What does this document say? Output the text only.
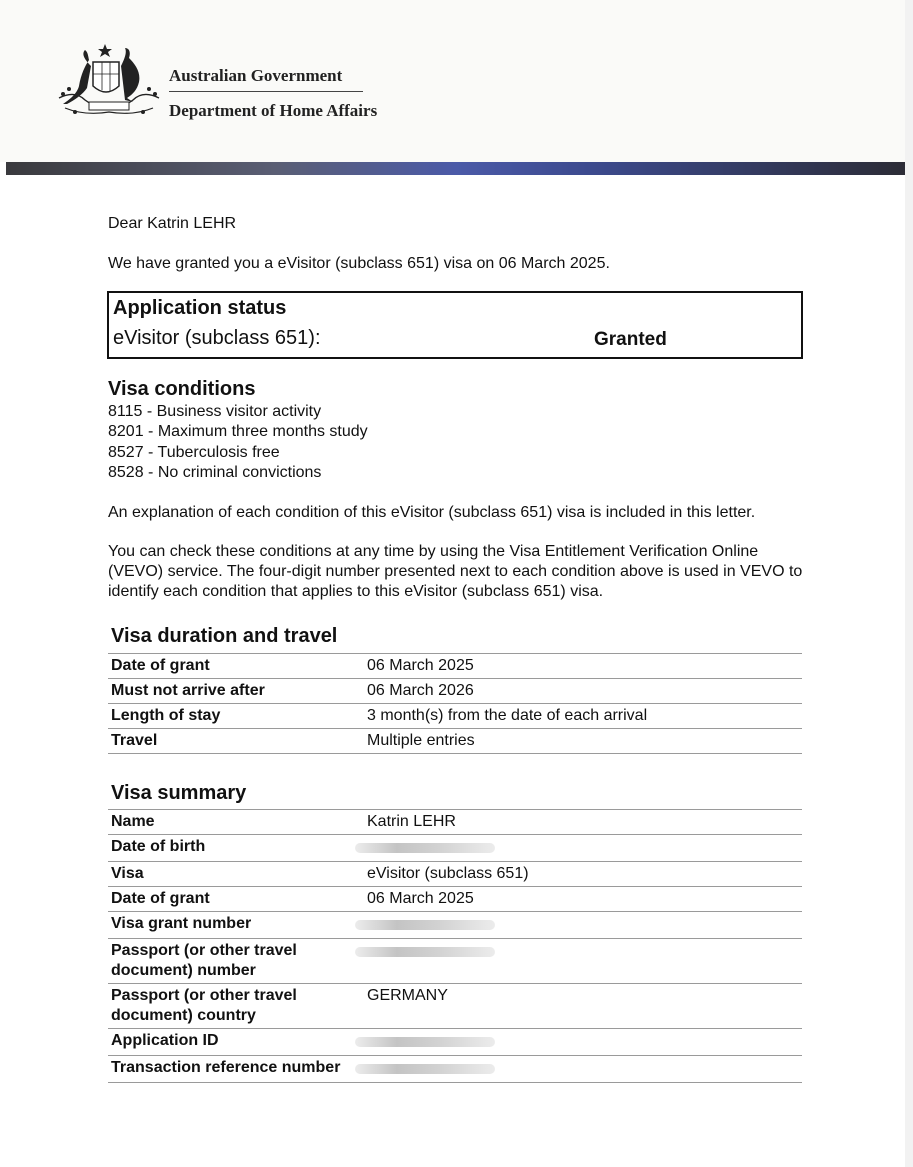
Australian Government
Department of Home Affairs
Dear Katrin LEHR
We have granted you a eVisitor (subclass 651) visa on 06 March 2025.
Application status
eVisitor (subclass 651):	Granted
Visa conditions
8115 - Business visitor activity
8201 - Maximum three months study
8527 - Tuberculosis free
8528 - No criminal convictions
An explanation of each condition of this eVisitor (subclass 651) visa is included in this letter.
You can check these conditions at any time by using the Visa Entitlement Verification Online (VEVO) service. The four-digit number presented next to each condition above is used in VEVO to identify each condition that applies to this eVisitor (subclass 651) visa.
Visa duration and travel
Date of grant	06 March 2025
Must not arrive after	06 March 2026
Length of stay	3 month(s) from the date of each arrival
Travel	Multiple entries
Visa summary
Name	Katrin LEHR
Date of birth	
Visa	eVisitor (subclass 651)
Date of grant	06 March 2025
Visa grant number	
Passport (or other travel document) number	
Passport (or other travel document) country	GERMANY
Application ID	
Transaction reference number	
